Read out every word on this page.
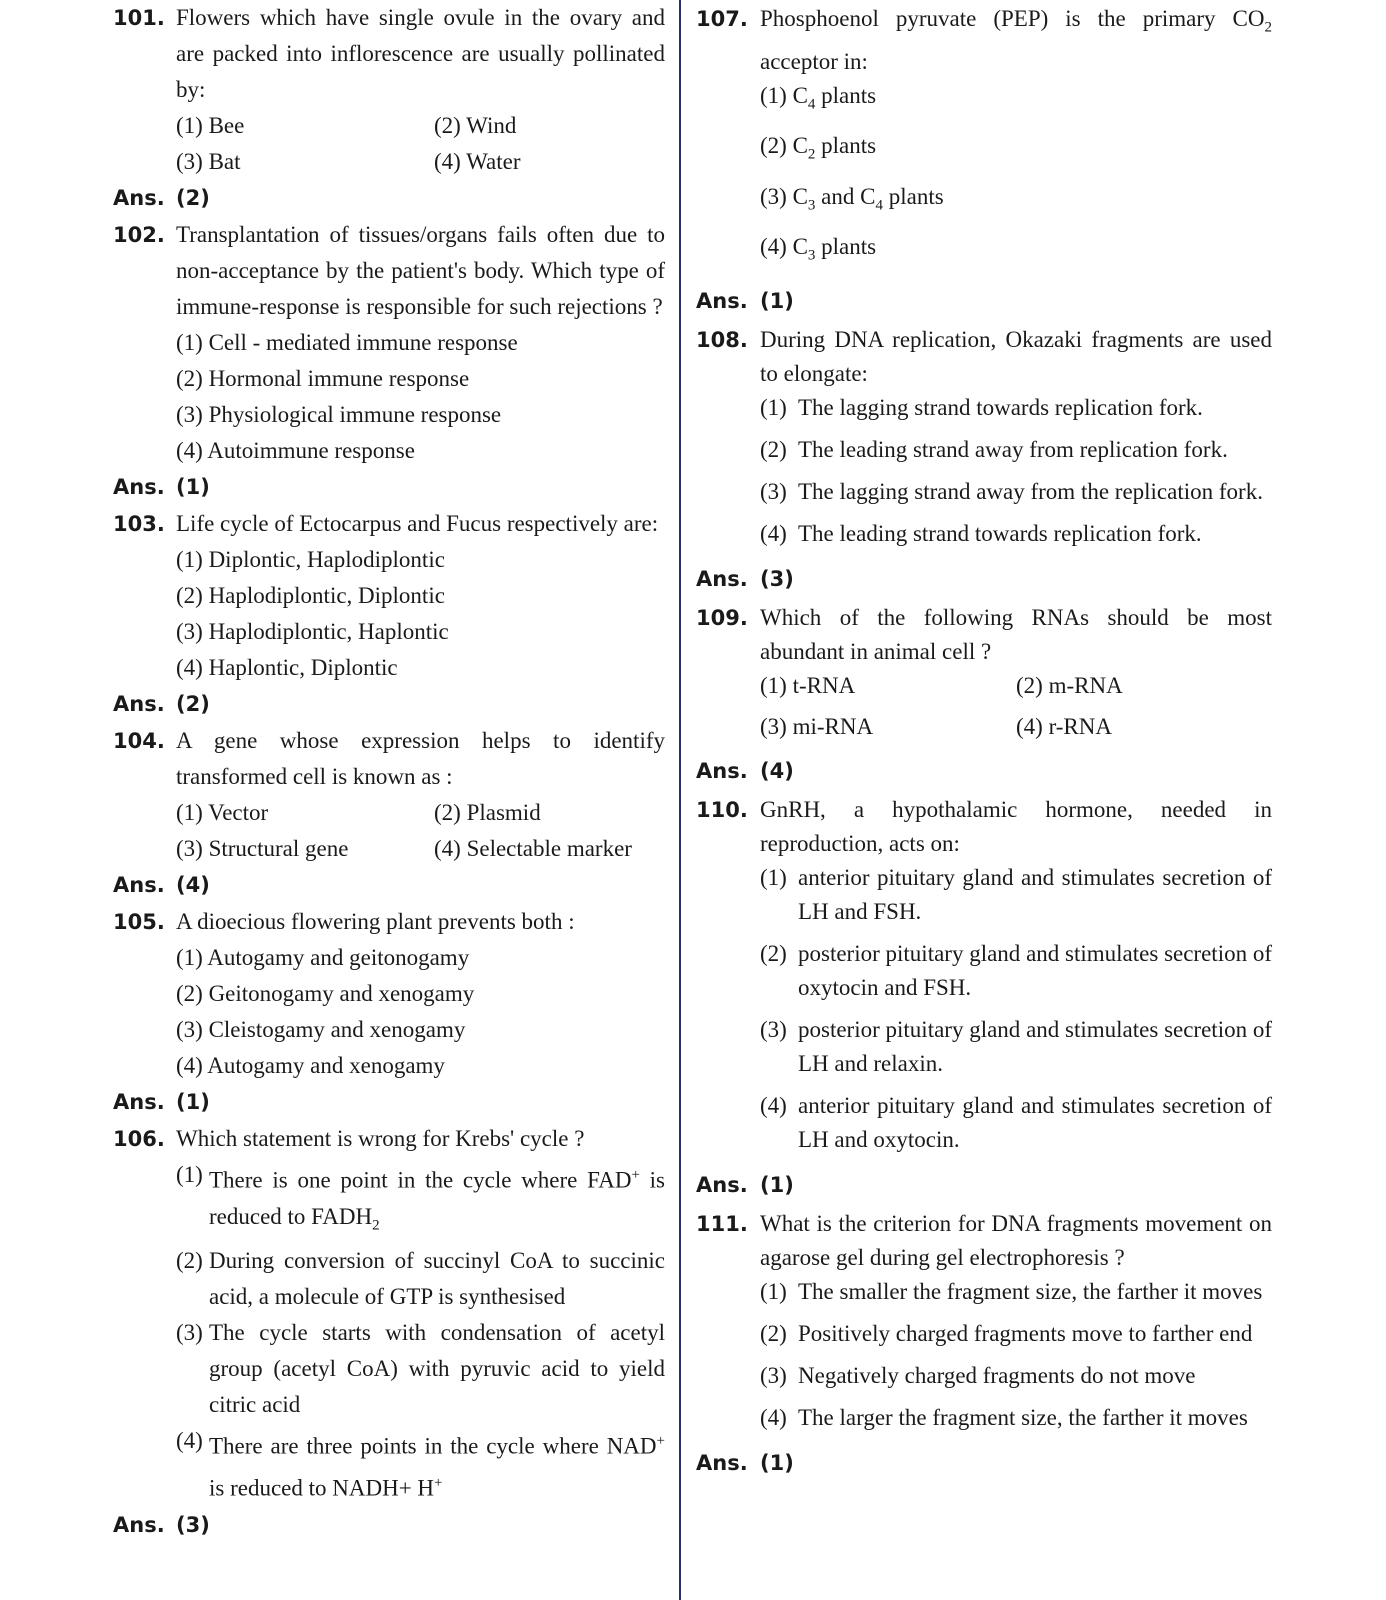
101. Flowers which have single ovule in the ovary and are packed into inflorescence are usually pollinated by:
(1) Bee	(2) Wind
(3) Bat	(4) Water
Ans. (2)
102. Transplantation of tissues/organs fails often due to non-acceptance by the patient's body. Which type of immune-response is responsible for such rejections ?
(1) Cell - mediated immune response
(2) Hormonal immune response
(3) Physiological immune response
(4) Autoimmune response
Ans. (1)
103. Life cycle of Ectocarpus and Fucus respectively are:
(1) Diplontic, Haplodiplontic
(2) Haplodiplontic, Diplontic
(3) Haplodiplontic, Haplontic
(4) Haplontic, Diplontic
Ans. (2)
104. A gene whose expression helps to identify transformed cell is known as :
(1) Vector	(2) Plasmid
(3) Structural gene	(4) Selectable marker
Ans. (4)
105. A dioecious flowering plant prevents both :
(1) Autogamy and geitonogamy
(2) Geitonogamy and xenogamy
(3) Cleistogamy and xenogamy
(4) Autogamy and xenogamy
Ans. (1)
106. Which statement is wrong for Krebs' cycle ?
(1) There is one point in the cycle where FAD+ is reduced to $FADH_2$
(2) During conversion of succinyl CoA to succinic acid, a molecule of GTP is synthesised
(3) The cycle starts with condensation of acetyl group (acetyl CoA) with pyruvic acid to yield citric acid
(4) There are three points in the cycle where NAD+ is reduced to NADH+ H+
Ans. (3)
107. Phosphoenol pyruvate (PEP) is the primary $CO_2$ acceptor in:
(1)
$C_4$ plants
(2)
$C_2$ plants
(3)
$C_3$ and $C_4$ plants
(4)
$C_3$ plants
Ans. (1)
108. During DNA replication, Okazaki fragments are used to elongate:
(1) The lagging strand towards replication fork.
(2) The leading strand away from replication fork.
(3) The lagging strand away from the replication fork.
(4) The leading strand towards replication fork.
Ans. (3)
109. Which of the following RNAs should be most abundant in animal cell ?
(1) t-RNA	(2) m-RNA
(3) mi-RNA	(4) r-RNA
Ans. (4)
110. GnRH, a hypothalamic hormone, needed in reproduction, acts on:
(1) anterior pituitary gland and stimulates secretion of LH and FSH.
(2) posterior pituitary gland and stimulates secretion of oxytocin and FSH.
(3) posterior pituitary gland and stimulates secretion of LH and relaxin.
(4) anterior pituitary gland and stimulates secretion of LH and oxytocin.
Ans. (1)
111. What is the criterion for DNA fragments movement on agarose gel during gel electrophoresis ?
(1) The smaller the fragment size, the farther it moves
(2) Positively charged fragments move to farther end
(3) Negatively charged fragments do not move
(4) The larger the fragment size, the farther it moves
Ans. (1)
